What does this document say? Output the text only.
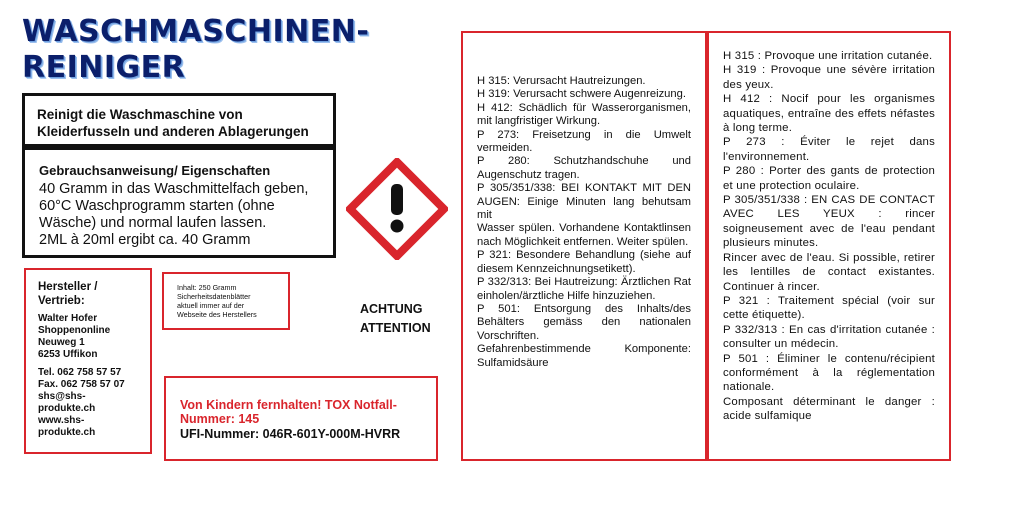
WASCHMASCHINEN-
REINIGER
Reinigt die Waschmaschine von Kleiderfusseln und anderen Ablagerungen
Gebrauchsanweisung/ Eigenschaften
40 Gramm in das Waschmittelfach geben,
60°C Waschprogramm starten (ohne
Wäsche) und normal laufen lassen.
2ML à 20ml ergibt ca. 40 Gramm
Hersteller /
Vertrieb:
Walter Hofer
Shoppenonline
Neuweg 1
6253 Uffikon
Tel. 062 758 57 57
Fax. 062 758 57 07
shs@shs-
produkte.ch
www.shs-
produkte.ch
Inhalt: 250 Gramm
Sicherheitsdatenblätter
aktuell immer auf der
Webseite des Herstellers	ACHTUNG
ATTENTION
Von Kindern fernhalten! TOX Notfall-
Nummer: 145
UFI-Nummer: 046R-601Y-000M-HVRR
H 315: Verursacht Hautreizungen.
H 319: Verursacht schwere Augenreizung.
H 412: Schädlich für Wasserorganismen, mit langfristiger Wirkung.
P 273: Freisetzung in die Umwelt vermeiden.
P 280: Schutzhandschuhe und Augenschutz tragen.
P 305/351/338: BEI KONTAKT MIT DEN AUGEN: Einige Minuten lang behutsam mit
Wasser spülen. Vorhandene Kontaktlinsen nach Möglichkeit entfernen. Weiter spülen.
P 321: Besondere Behandlung (siehe auf diesem Kennzeichnungsetikett).
P 332/313: Bei Hautreizung: Ärztlichen Rat einholen/ärztliche Hilfe hinzuziehen.
P 501: Entsorgung des Inhalts/des Behälters gemäss den nationalen Vorschriften.
Gefahrenbestimmende Komponente: Sulfamidsäure
H 315 : Provoque une irritation cutanée.
H 319 : Provoque une sévère irritation des yeux.
H 412 : Nocif pour les organismes aquatiques, entraîne des effets néfastes à long terme.
P 273 : Éviter le rejet dans l'environnement.
P 280 : Porter des gants de protection et une protection oculaire.
P 305/351/338 : EN CAS DE CONTACT AVEC LES YEUX : rincer soigneusement avec de l'eau pendant plusieurs minutes.
Rincer avec de l'eau. Si possible, retirer les lentilles de contact existantes. Continuer à rincer.
P 321 : Traitement spécial (voir sur cette étiquette).
P 332/313 : En cas d'irritation cutanée : consulter un médecin.
P 501 : Éliminer le contenu/récipient conformément à la réglementation nationale.
Composant déterminant le danger : acide sulfamique
